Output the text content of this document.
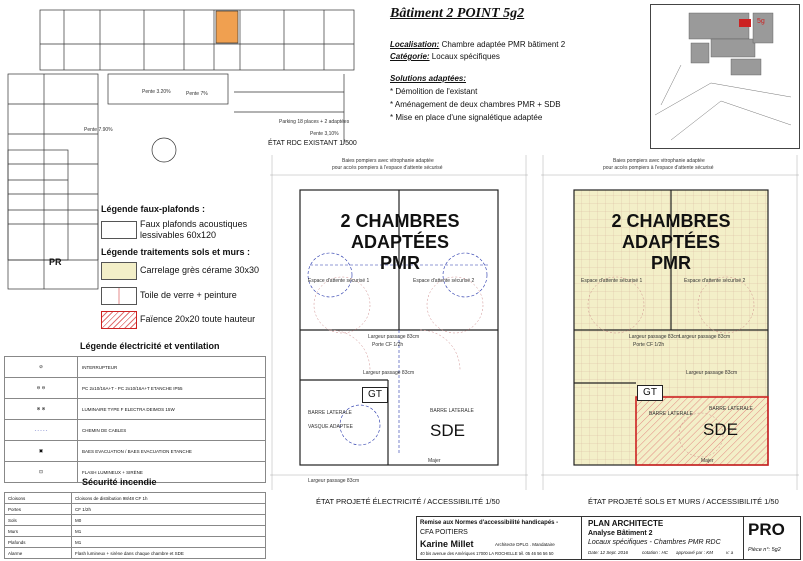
Pente 3.20%	Pente 7%
Pente 7.90%
Pente 3,10%
Parking 18 places + 2 adaptées
PR
ÉTAT RDC EXISTANT 1/500
Bâtiment 2 POINT 5g2
Localisation: Chambre adaptée PMR bâtiment 2
Catégorie: Locaux spécifiques
Solutions adaptées:
* Démolition de l'existant
* Aménagement de deux chambres PMR + SDB
* Mise en place d'une signalétique adaptée
5g
Légende faux-plafonds :
Faux plafonds acoustiques lessivables 60x120
Légende traitements sols et murs :
Carrelage grès cérame 30x30
Toile de verre + peinture
Faïence 20x20 toute hauteur
Légende électricité et ventilation
⊘	INTERRUPTEUR
⊖ ⊖	PC 2x10/16A+T - PC 2x10/16A+T ETANCHE IP55
⊗ ⊗	LUMINAIRE TYPE F ELECTRA DEIMOS 15W
- - - - -	CHEMIN DE CABLES
▣	BAES EVACUATION / BAES EVACUATION ETANCHE
⊡	FLASH LUMINEUX + SIRÈNE
Sécurité incendie
Cloisons	Cloisons de distribution 98/48 CF 1h
Portes	CF 1/2h
Sols	M0
Murs	M1
Plafonds	M1
Alarme	Flash lumineux + sirène dans chaque chambre et SDE
Baies pompiers avec vitrophanie adaptée
pour accès pompiers à l'espace d'attente sécurisé
2 CHAMBRES
ADAPTÉES
PMR
Espace d'attente sécurisé 1	Espace d'attente sécurisé 2
Largeur passage 83cm
Porte CF 1/2h
Largeur passage 83cm
GT
BARRE LATERALE	BARRE LATERALE
VASQUE ADAPTEE	SDE
Majer
Largeur passage 83cm
ÉTAT PROJETÉ ÉLECTRICITÉ / ACCESSIBILITÉ 1/50
Baies pompiers avec vitrophanie adaptée
pour accès pompiers à l'espace d'attente sécurisé
2 CHAMBRES
ADAPTÉES
PMR
Espace d'attente sécurisé 1	Espace d'attente sécurisé 2
Largeur passage 83cm
Porte CF 1/2h
Largeur passage 83cm
Largeur passage 83cm
GT
BARRE LATERALE
BARRE LATERALE
SDE
Majer
ÉTAT PROJETÉ SOLS ET MURS / ACCESSIBILITÉ 1/50
Remise aux Normes d'accessibilité handicapés -
CFA POITIERS
Karine Millet	Architecte DPLG . Mandataire
40 bis avenue des Amériques 17000 LA ROCHELLE tél. 05 46 56 56 50
PLAN ARCHITECTE
Analyse Bâtiment 2
Locaux spécifiques - Chambres PMR RDC
Date: 12 Sept. 2016	cotation : HC approuvé par : KM	v: a
PRO
Pièce n°: 5g2
